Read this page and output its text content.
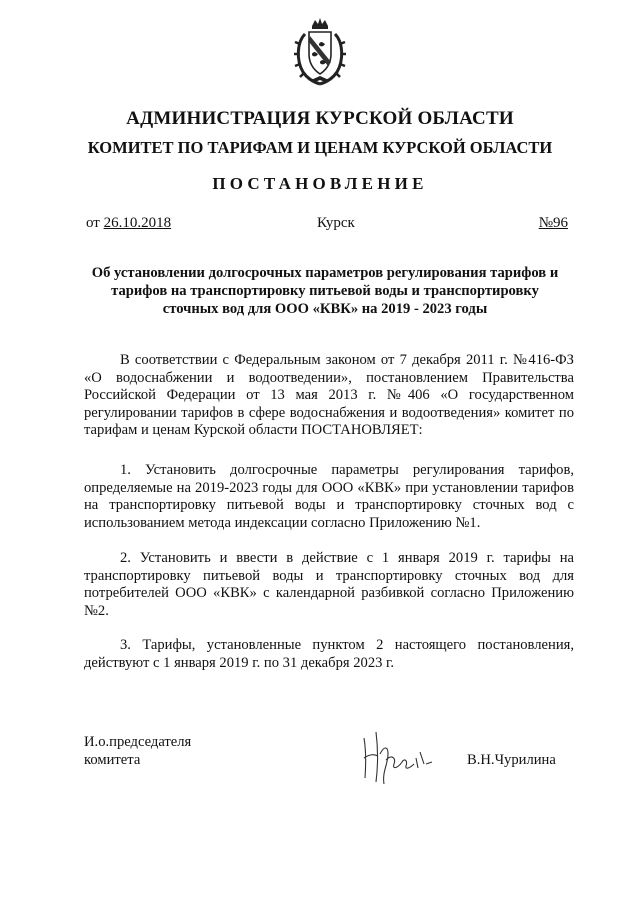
АДМИНИСТРАЦИЯ КУРСКОЙ ОБЛАСТИ
КОМИТЕТ ПО ТАРИФАМ И ЦЕНАМ КУРСКОЙ ОБЛАСТИ
ПОСТАНОВЛЕНИЕ
от 26.10.2018	Курск	№96
Об установлении долгосрочных параметров регулирования тарифов и тарифов на транспортировку питьевой воды и транспортировку сточных вод для ООО «КВК» на 2019 - 2023 годы

В соответствии с Федеральным законом от 7 декабря 2011 г. №416-ФЗ «О водоснабжении и водоотведении», постановлением Правительства Российской Федерации от 13 мая 2013 г. №406 «О государственном регулировании тарифов в сфере водоснабжения и водоотведения» комитет по тарифам и ценам Курской области ПОСТАНОВЛЯЕТ:

1. Установить долгосрочные параметры регулирования тарифов, определяемые на 2019-2023 годы для ООО «КВК» при установлении тарифов на транспортировку питьевой воды и транспортировку сточных вод с использованием метода индексации согласно Приложению №1.

2. Установить и ввести в действие с 1 января 2019 г. тарифы на транспортировку питьевой воды и транспортировку сточных вод для потребителей ООО «КВК» с календарной разбивкой согласно Приложению №2.

3. Тарифы, установленные пунктом 2 настоящего постановления, действуют с 1 января 2019 г. по 31 декабря 2023 г.

И.о.председателя
комитета	В.Н.Чурилина
